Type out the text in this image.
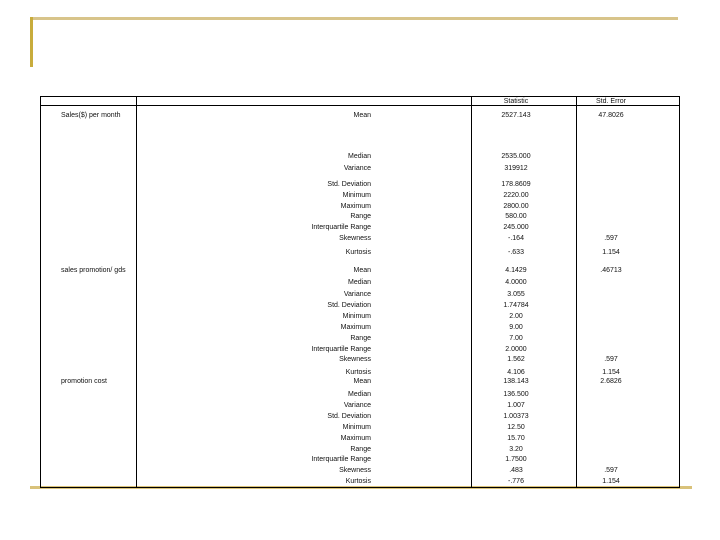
Statistic	Std. Error
Sales($) per month	Mean	2527.143	47.8026
Median	2535.000
Variance	319912
Std. Deviation	178.8609
Minimum	2220.00
Maximum	2800.00
Range	580.00
Interquartile Range	245.000
Skewness	-.164	.597
Kurtosis	-.633	1.154
sales promotion/ gds	Mean	4.1429	.46713
Median	4.0000
Variance	3.055
Std. Deviation	1.74784
Minimum	2.00
Maximum	9.00
Range	7.00
Interquartile Range	2.0000
Skewness	1.562	.597
Kurtosis	4.106	1.154
promotion cost	Mean	138.143	2.6826
Median	136.500
Variance	1.007
Std. Deviation	1.00373
Minimum	12.50
Maximum	15.70
Range	3.20
Interquartile Range	1.7500
Skewness	.483	.597
Kurtosis	-.776	1.154
